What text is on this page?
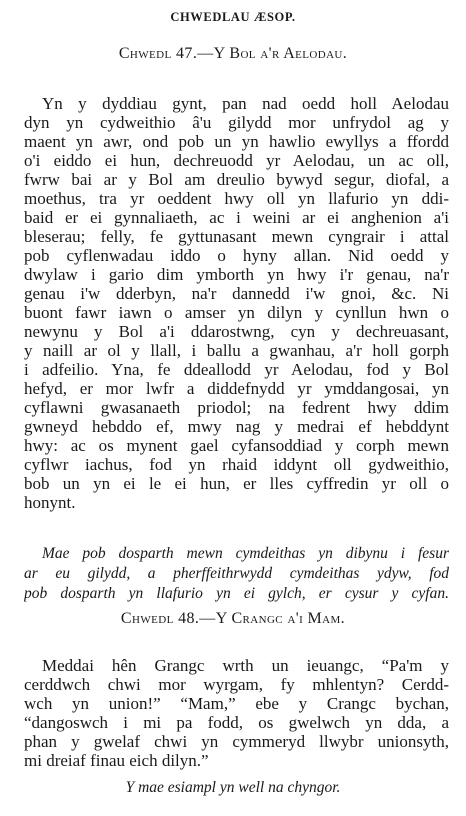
CHWEDLAU ÆSOP.
Chwedl 47.—Y Bol a'r Aelodau.
Yn y dyddiau gynt, pan nad oedd holl Aelodau
dyn yn cydweithio â'u gilydd mor unfrydol ag y
maent yn awr, ond pob un yn hawlio ewyllys a ffordd
o'i eiddo ei hun, dechreuodd yr Aelodau, un ac oll,
fwrw bai ar y Bol am dreulio bywyd segur, diofal, a
moethus, tra yr oeddent hwy oll yn llafurio yn ddi-
baid er ei gynnaliaeth, ac i weini ar ei anghenion a'i
bleserau; felly, fe gyttunasant mewn cyngrair i attal
pob cyflenwadau iddo o hyny allan. Nid oedd y
dwylaw i gario dim ymborth yn hwy i'r genau, na'r
genau i'w dderbyn, na'r dannedd i'w gnoi, &c. Ni
buont fawr iawn o amser yn dilyn y cynllun hwn o
newynu y Bol a'i ddarostwng, cyn y dechreuasant,
y naill ar ol y llall, i ballu a gwanhau, a'r holl gorph
i adfeilio. Yna, fe ddeallodd yr Aelodau, fod y Bol
hefyd, er mor lwfr a diddefnydd yr ymddangosai, yn
cyflawni gwasanaeth priodol; na fedrent hwy ddim
gwneyd hebddo ef, mwy nag y medrai ef hebddynt
hwy: ac os mynent gael cyfansoddiad y corph mewn
cyflwr iachus, fod yn rhaid iddynt oll gydweithio,
bob un yn ei le ei hun, er lles cyffredin yr oll o
honynt.
Mae pob dosparth mewn cymdeithas yn dibynu i fesur
ar eu gilydd, a pherffeithrwydd cymdeithas ydyw, fod
pob dosparth yn llafurio yn ei gylch, er cysur y cyfan.
Chwedl 48.—Y Crangc a'i Mam.
Meddai hên Grangc wrth un ieuangc, “Pa'm y
cerddwch chwi mor wyrgam, fy mhlentyn? Cerdd-
wch yn union!” “Mam,” ebe y Crangc bychan,
“dangoswch i mi pa fodd, os gwelwch yn dda, a
phan y gwelaf chwi yn cymmeryd llwybr unionsyth,
mi dreiaf finau eich dilyn.”
Y mae esiampl yn well na chyngor.
